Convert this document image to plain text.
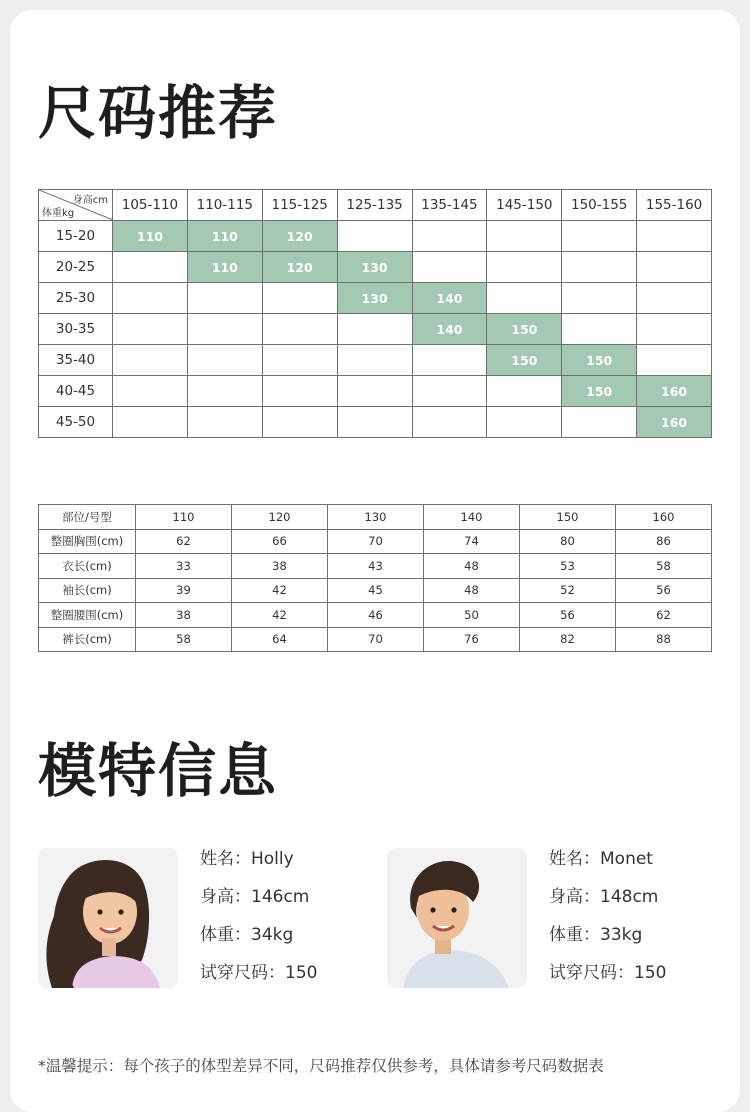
尺码推荐
身高cm
体重kg	105-110	110-115	115-125	125-135	135-145	145-150	150-155	155-160
15-20	110	110	120					
20-25		110	120	130				
25-30				130	140			
30-35					140	150		
35-40						150	150	
40-45							150	160
45-50								160
部位/号型	110	120	130	140	150	160
整圈胸围(cm)	62	66	70	74	80	86
衣长(cm)	33	38	43	48	53	58
袖长(cm)	39	42	45	48	52	56
整圈腰围(cm)	38	42	46	50	56	62
裤长(cm)	58	64	70	76	82	88
模特信息
姓名：Holly
身高：146cm
体重：34kg
试穿尺码：150
姓名：Monet
身高：148cm
体重：33kg
试穿尺码：150
*温馨提示：每个孩子的体型差异不同，尺码推荐仅供参考，具体请参考尺码数据表
